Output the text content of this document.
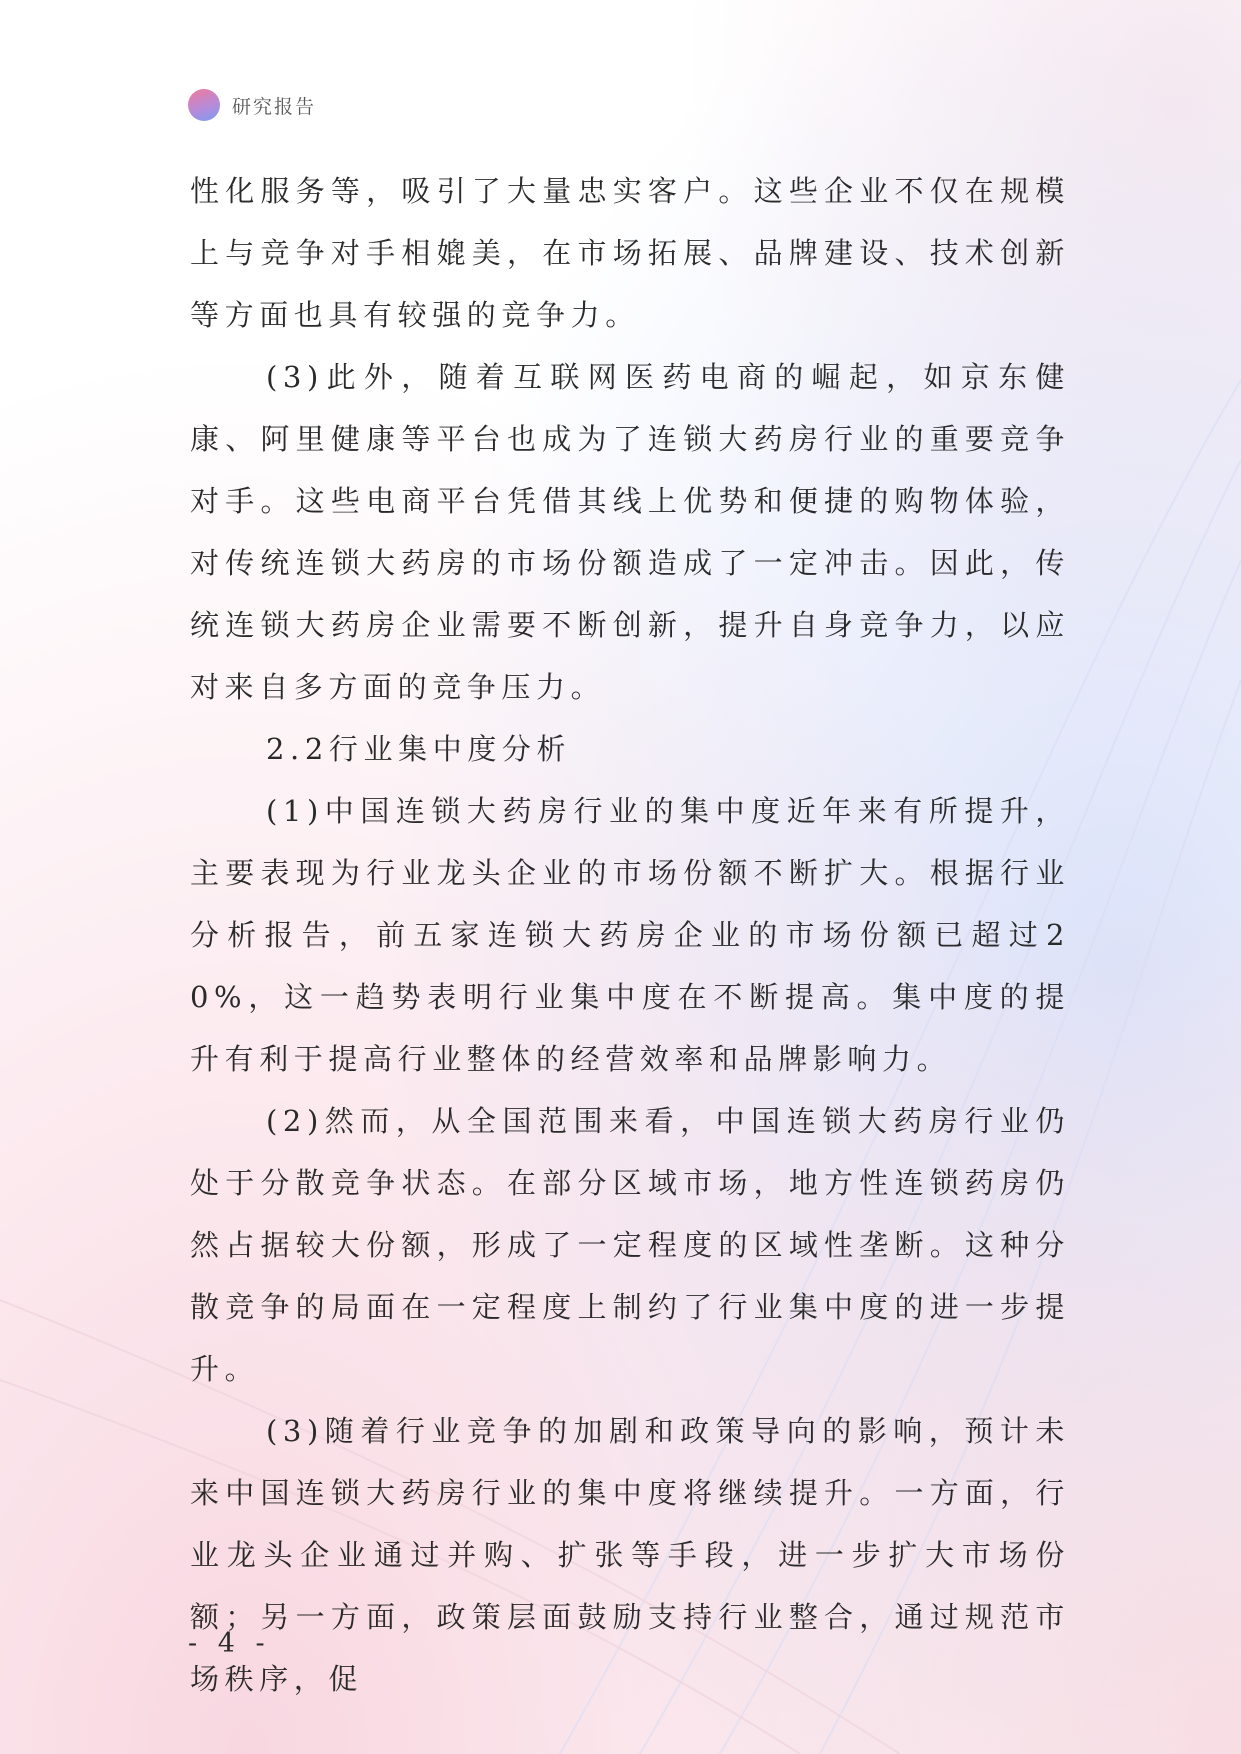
研究报告

性化服务等，吸引了大量忠实客户。这些企业不仅在规模上与竞争对手相媲美，在市场拓展、品牌建设、技术创新等方面也具有较强的竞争力。

(3)此外，随着互联网医药电商的崛起，如京东健康、阿里健康等平台也成为了连锁大药房行业的重要竞争对手。这些电商平台凭借其线上优势和便捷的购物体验，对传统连锁大药房的市场份额造成了一定冲击。因此，传统连锁大药房企业需要不断创新，提升自身竞争力，以应对来自多方面的竞争压力。

2.2行业集中度分析

(1)中国连锁大药房行业的集中度近年来有所提升，主要表现为行业龙头企业的市场份额不断扩大。根据行业分析报告，前五家连锁大药房企业的市场份额已超过20%，这一趋势表明行业集中度在不断提高。集中度的提升有利于提高行业整体的经营效率和品牌影响力。

(2)然而，从全国范围来看，中国连锁大药房行业仍处于分散竞争状态。在部分区域市场，地方性连锁药房仍然占据较大份额，形成了一定程度的区域性垄断。这种分散竞争的局面在一定程度上制约了行业集中度的进一步提升。

(3)随着行业竞争的加剧和政策导向的影响，预计未来中国连锁大药房行业的集中度将继续提升。一方面，行业龙头企业通过并购、扩张等手段，进一步扩大市场份额；另一方面，政策层面鼓励支持行业整合，通过规范市场秩序，促

- 4 -
